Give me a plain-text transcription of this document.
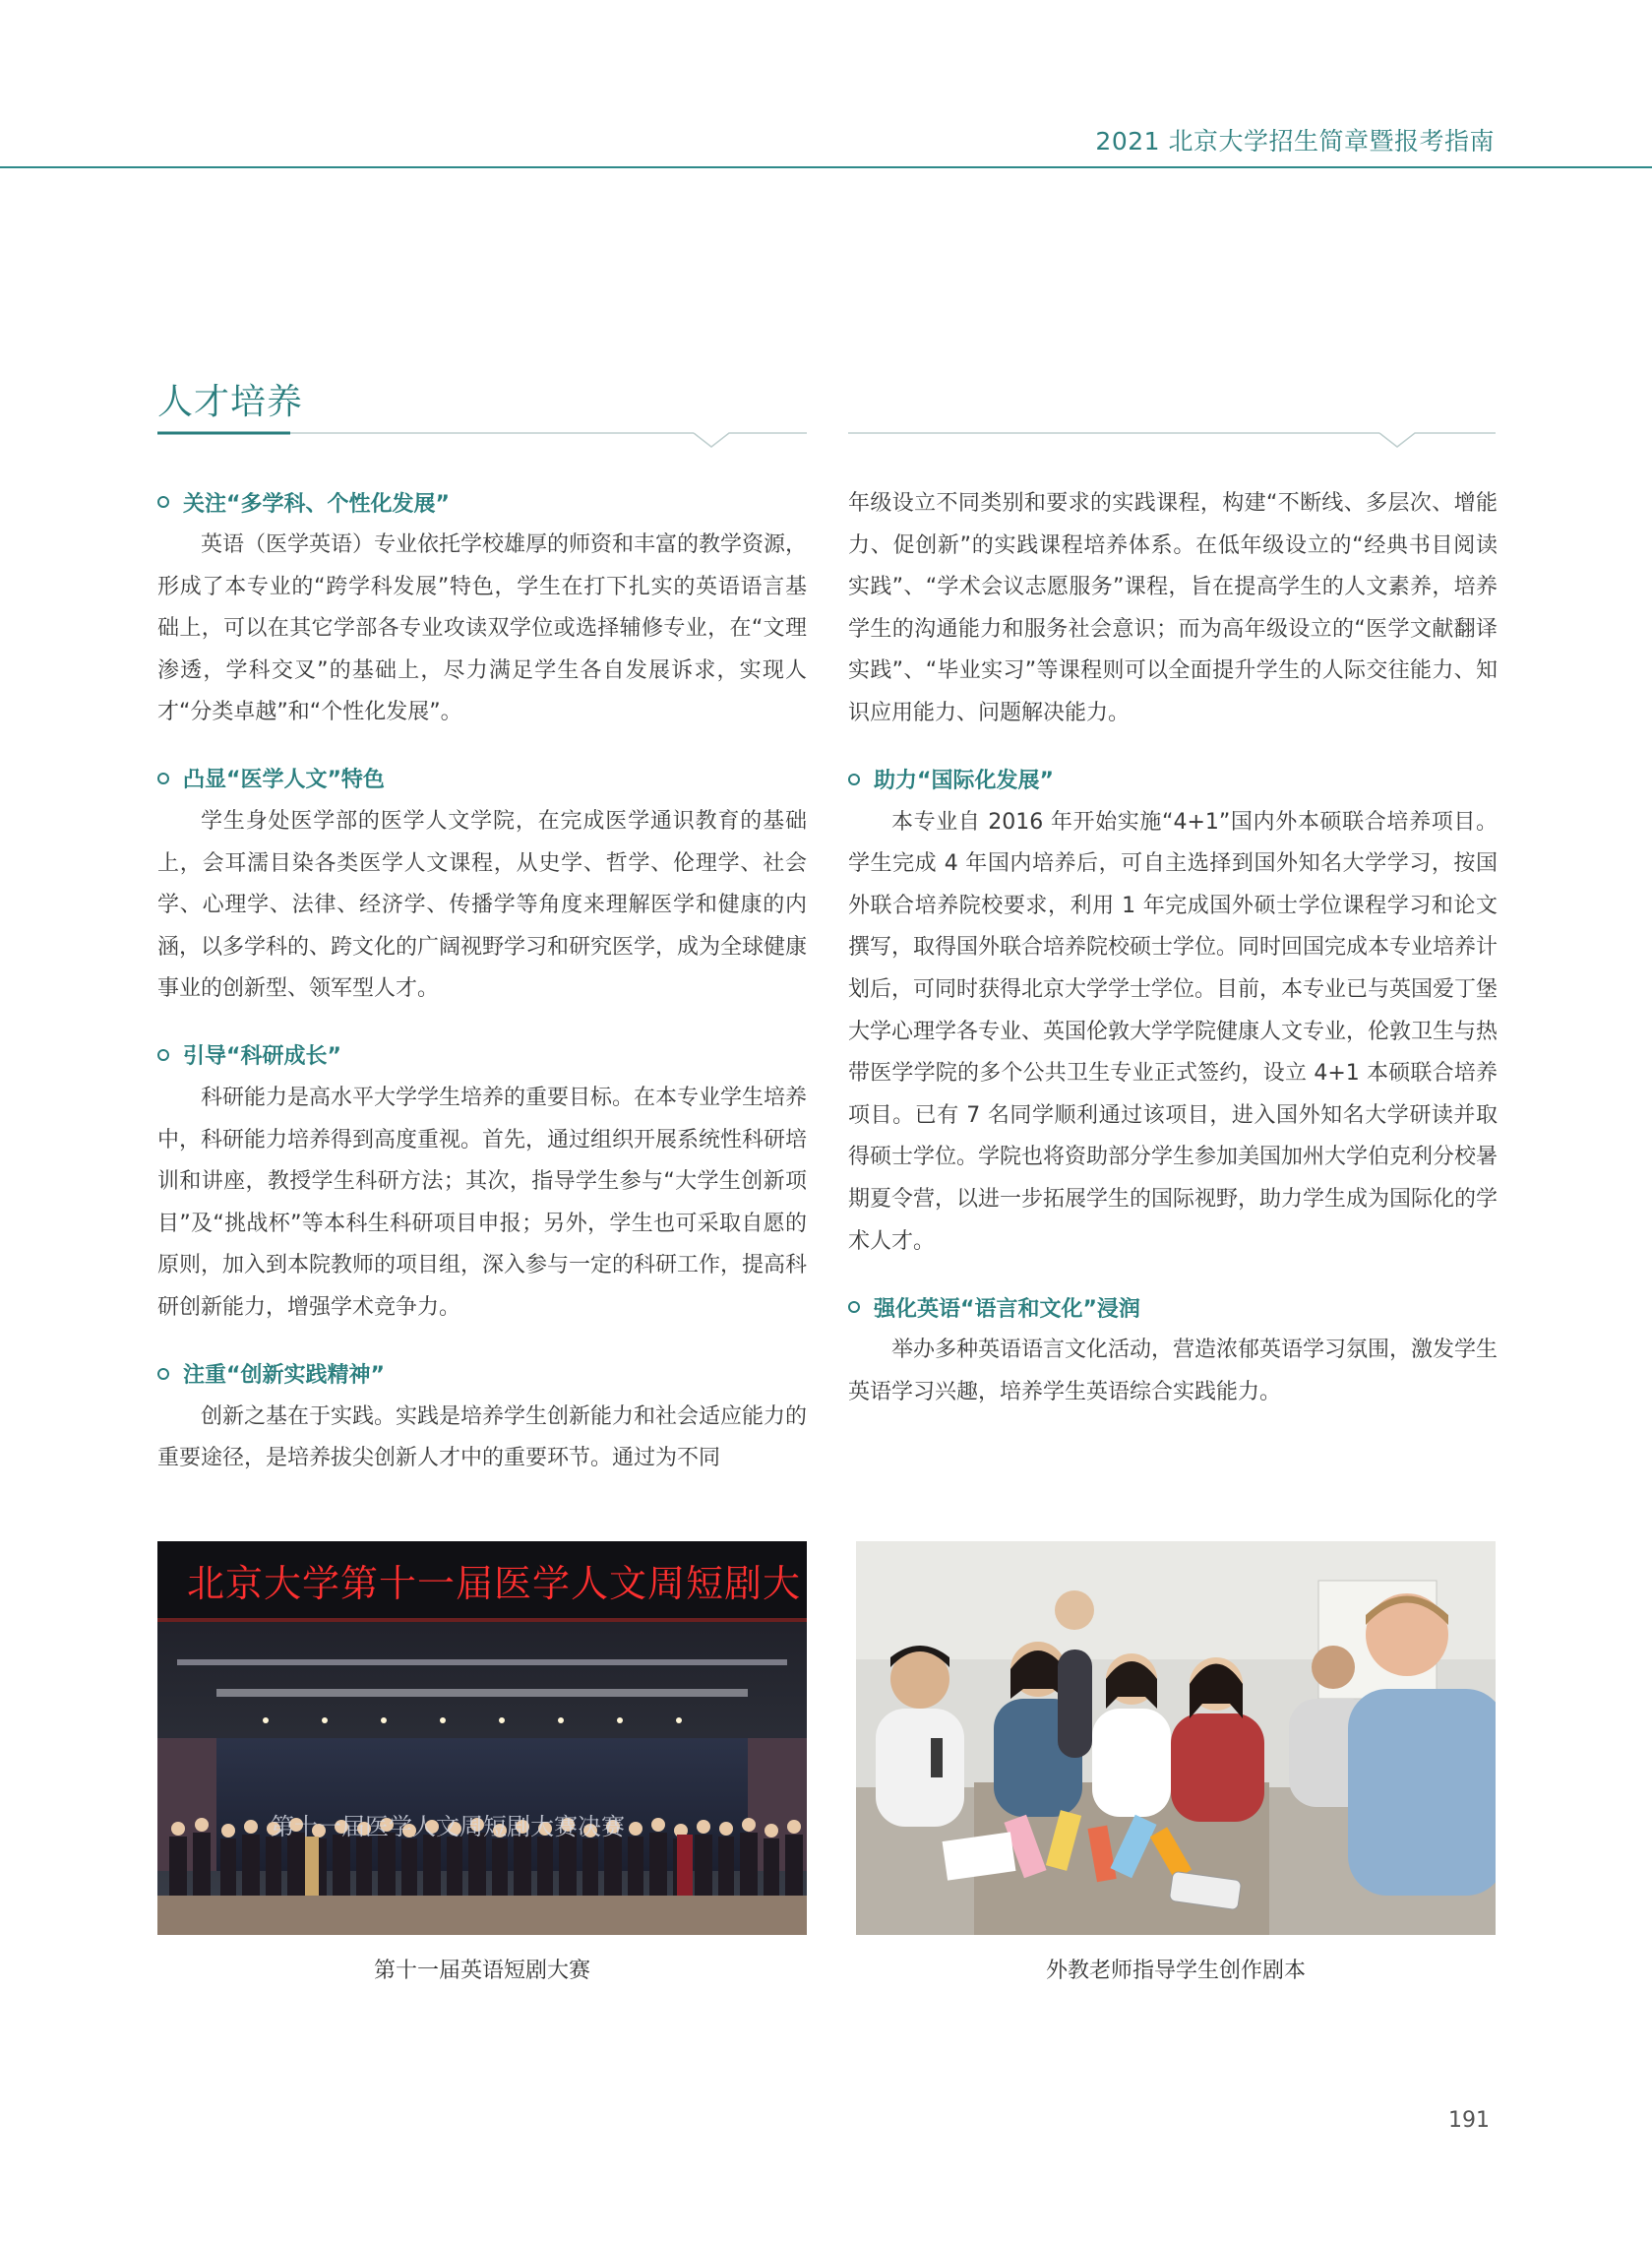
2021 北京大学招生简章暨报考指南
人才培养
关注“多学科、个性化发展”

英语（医学英语）专业依托学校雄厚的师资和丰富的教学资源，形成了本专业的“跨学科发展”特色，学生在打下扎实的英语语言基础上，可以在其它学部各专业攻读双学位或选择辅修专业，在“文理渗透，学科交叉”的基础上，尽力满足学生各自发展诉求，实现人才“分类卓越”和“个性化发展”。

凸显“医学人文”特色

学生身处医学部的医学人文学院，在完成医学通识教育的基础上，会耳濡目染各类医学人文课程，从史学、哲学、伦理学、社会学、心理学、法律、经济学、传播学等角度来理解医学和健康的内涵，以多学科的、跨文化的广阔视野学习和研究医学，成为全球健康事业的创新型、领军型人才。

引导“科研成长”

科研能力是高水平大学学生培养的重要目标。在本专业学生培养中，科研能力培养得到高度重视。首先，通过组织开展系统性科研培训和讲座，教授学生科研方法；其次，指导学生参与“大学生创新项目”及“挑战杯”等本科生科研项目申报；另外，学生也可采取自愿的原则，加入到本院教师的项目组，深入参与一定的科研工作，提高科研创新能力，增强学术竞争力。

注重“创新实践精神”

创新之基在于实践。实践是培养学生创新能力和社会适应能力的重要途径，是培养拔尖创新人才中的重要环节。通过为不同

年级设立不同类别和要求的实践课程，构建“不断线、多层次、增能力、促创新”的实践课程培养体系。在低年级设立的“经典书目阅读实践”、“学术会议志愿服务”课程，旨在提高学生的人文素养，培养学生的沟通能力和服务社会意识；而为高年级设立的“医学文献翻译实践”、“毕业实习”等课程则可以全面提升学生的人际交往能力、知识应用能力、问题解决能力。

助力“国际化发展”

本专业自 2016 年开始实施“4+1”国内外本硕联合培养项目。学生完成 4 年国内培养后，可自主选择到国外知名大学学习，按国外联合培养院校要求，利用 1 年完成国外硕士学位课程学习和论文撰写，取得国外联合培养院校硕士学位。同时回国完成本专业培养计划后，可同时获得北京大学学士学位。目前，本专业已与英国爱丁堡大学心理学各专业、英国伦敦大学学院健康人文专业，伦敦卫生与热带医学学院的多个公共卫生专业正式签约，设立 4+1 本硕联合培养项目。已有 7 名同学顺利通过该项目，进入国外知名大学研读并取得硕士学位。学院也将资助部分学生参加美国加州大学伯克利分校暑期夏令营，以进一步拓展学生的国际视野，助力学生成为国际化的学术人才。

强化英语“语言和文化”浸润

举办多种英语语言文化活动，营造浓郁英语学习氛围，激发学生英语学习兴趣，培养学生英语综合实践能力。

北京大学第十一届医学人文周短剧大
第十一届医学人文周短剧大赛决赛
第十一届英语短剧大赛	外教老师指导学生创作剧本
191
